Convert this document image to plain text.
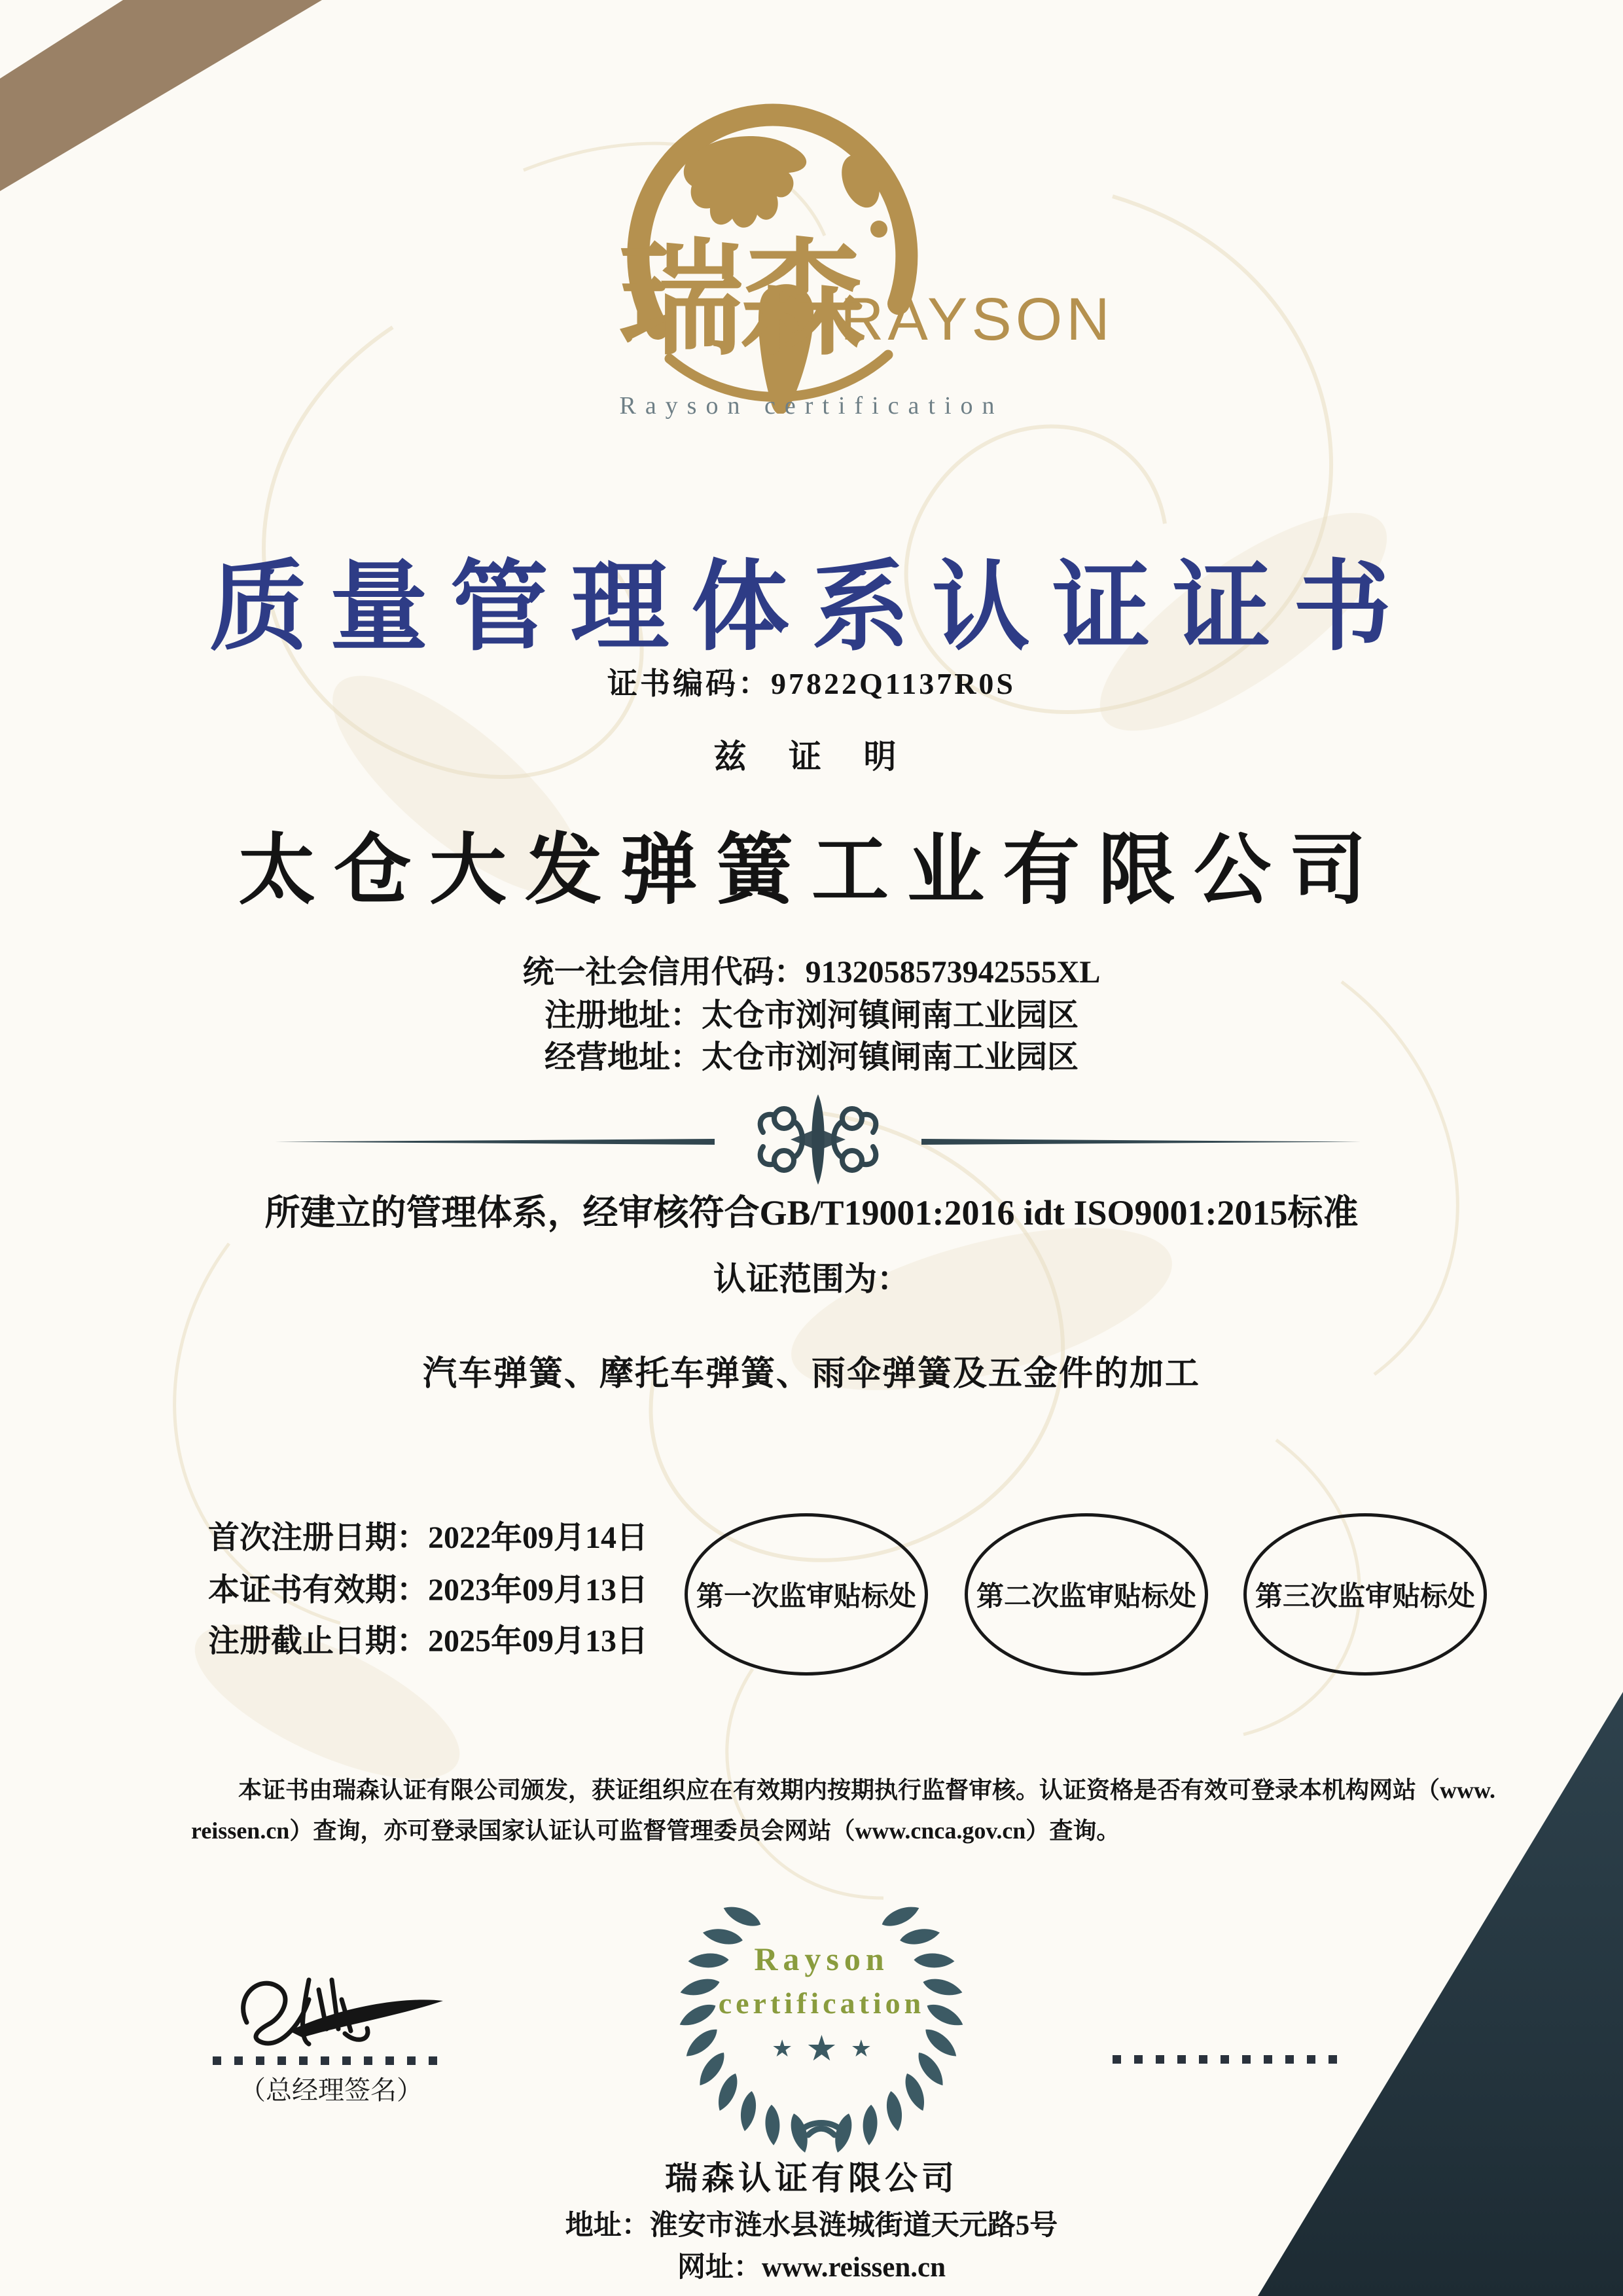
瑞森
RAYSON
Rayson certification
质量管理体系认证证书
证书编码：97822Q1137R0S
兹 证 明
太仓大发弹簧工业有限公司
统一社会信用代码：9132058573942555XL
注册地址：太仓市浏河镇闸南工业园区
经营地址：太仓市浏河镇闸南工业园区
所建立的管理体系，经审核符合GB/T19001:2016 idt ISO9001:2015标准
认证范围为：
汽车弹簧、摩托车弹簧、雨伞弹簧及五金件的加工
首次注册日期：2022年09月14日
本证书有效期：2023年09月13日
注册截止日期：2025年09月13日
第一次监审贴标处 第二次监审贴标处 第三次监审贴标处
本证书由瑞森认证有限公司颁发，获证组织应在有效期内按期执行监督审核。认证资格是否有效可登录本机构网站（www.
reissen.cn）查询，亦可登录国家认证认可监督管理委员会网站（www.cnca.gov.cn）查询。
（总经理签名）
Rayson
certification
★ ★ ★
瑞森认证有限公司
地址：淮安市涟水县涟城街道天元路5号
网址：www.reissen.cn
